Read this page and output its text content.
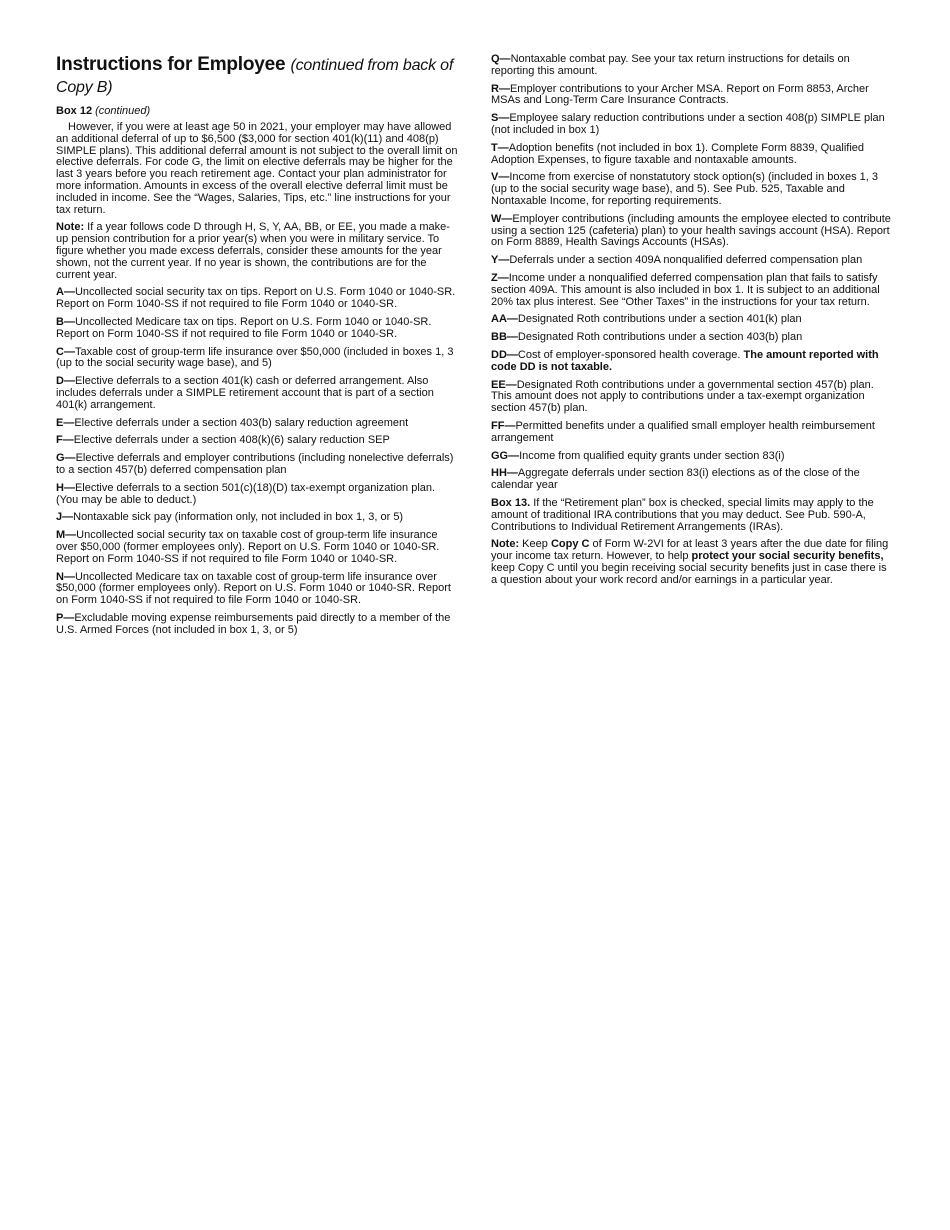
Instructions for Employee (continued from back of Copy B)
Box 12 (continued)

However, if you were at least age 50 in 2021, your employer may have allowed an additional deferral of up to $6,500 ($3,000 for section 401(k)(11) and 408(p) SIMPLE plans). This additional deferral amount is not subject to the overall limit on elective deferrals. For code G, the limit on elective deferrals may be higher for the last 3 years before you reach retirement age. Contact your plan administrator for more information. Amounts in excess of the overall elective deferral limit must be included in income. See the “Wages, Salaries, Tips, etc.” line instructions for your tax return.

Note: If a year follows code D through H, S, Y, AA, BB, or EE, you made a make-up pension contribution for a prior year(s) when you were in military service. To figure whether you made excess deferrals, consider these amounts for the year shown, not the current year. If no year is shown, the contributions are for the current year.

A—Uncollected social security tax on tips. Report on U.S. Form 1040 or 1040-SR. Report on Form 1040-SS if not required to file Form 1040 or 1040-SR.

B—Uncollected Medicare tax on tips. Report on U.S. Form 1040 or 1040-SR. Report on Form 1040-SS if not required to file Form 1040 or 1040-SR.

C—Taxable cost of group-term life insurance over $50,000 (included in boxes 1, 3 (up to the social security wage base), and 5)

D—Elective deferrals to a section 401(k) cash or deferred arrangement. Also includes deferrals under a SIMPLE retirement account that is part of a section 401(k) arrangement.

E—Elective deferrals under a section 403(b) salary reduction agreement

F—Elective deferrals under a section 408(k)(6) salary reduction SEP

G—Elective deferrals and employer contributions (including nonelective deferrals) to a section 457(b) deferred compensation plan

H—Elective deferrals to a section 501(c)(18)(D) tax-exempt organization plan. (You may be able to deduct.)

J—Nontaxable sick pay (information only, not included in box 1, 3, or 5)

M—Uncollected social security tax on taxable cost of group-term life insurance over $50,000 (former employees only). Report on U.S. Form 1040 or 1040-SR. Report on Form 1040-SS if not required to file Form 1040 or 1040-SR.

N—Uncollected Medicare tax on taxable cost of group-term life insurance over $50,000 (former employees only). Report on U.S. Form 1040 or 1040-SR. Report on Form 1040-SS if not required to file Form 1040 or 1040-SR.

P—Excludable moving expense reimbursements paid directly to a member of the U.S. Armed Forces (not included in box 1, 3, or 5)

Q—Nontaxable combat pay. See your tax return instructions for details on reporting this amount.

R—Employer contributions to your Archer MSA. Report on Form 8853, Archer MSAs and Long-Term Care Insurance Contracts.

S—Employee salary reduction contributions under a section 408(p) SIMPLE plan (not included in box 1)

T—Adoption benefits (not included in box 1). Complete Form 8839, Qualified Adoption Expenses, to figure taxable and nontaxable amounts.

V—Income from exercise of nonstatutory stock option(s) (included in boxes 1, 3 (up to the social security wage base), and 5). See Pub. 525, Taxable and Nontaxable Income, for reporting requirements.

W—Employer contributions (including amounts the employee elected to contribute using a section 125 (cafeteria) plan) to your health savings account (HSA). Report on Form 8889, Health Savings Accounts (HSAs).

Y—Deferrals under a section 409A nonqualified deferred compensation plan

Z—Income under a nonqualified deferred compensation plan that fails to satisfy section 409A. This amount is also included in box 1. It is subject to an additional 20% tax plus interest. See “Other Taxes” in the instructions for your tax return.

AA—Designated Roth contributions under a section 401(k) plan

BB—Designated Roth contributions under a section 403(b) plan

DD—Cost of employer-sponsored health coverage. The amount reported with code DD is not taxable.

EE—Designated Roth contributions under a governmental section 457(b) plan. This amount does not apply to contributions under a tax-exempt organization section 457(b) plan.

FF—Permitted benefits under a qualified small employer health reimbursement arrangement

GG—Income from qualified equity grants under section 83(i)

HH—Aggregate deferrals under section 83(i) elections as of the close of the calendar year

Box 13. If the “Retirement plan” box is checked, special limits may apply to the amount of traditional IRA contributions that you may deduct. See Pub. 590-A, Contributions to Individual Retirement Arrangements (IRAs).

Note: Keep Copy C of Form W-2VI for at least 3 years after the due date for filing your income tax return. However, to help protect your social security benefits, keep Copy C until you begin receiving social security benefits just in case there is a question about your work record and/or earnings in a particular year.
